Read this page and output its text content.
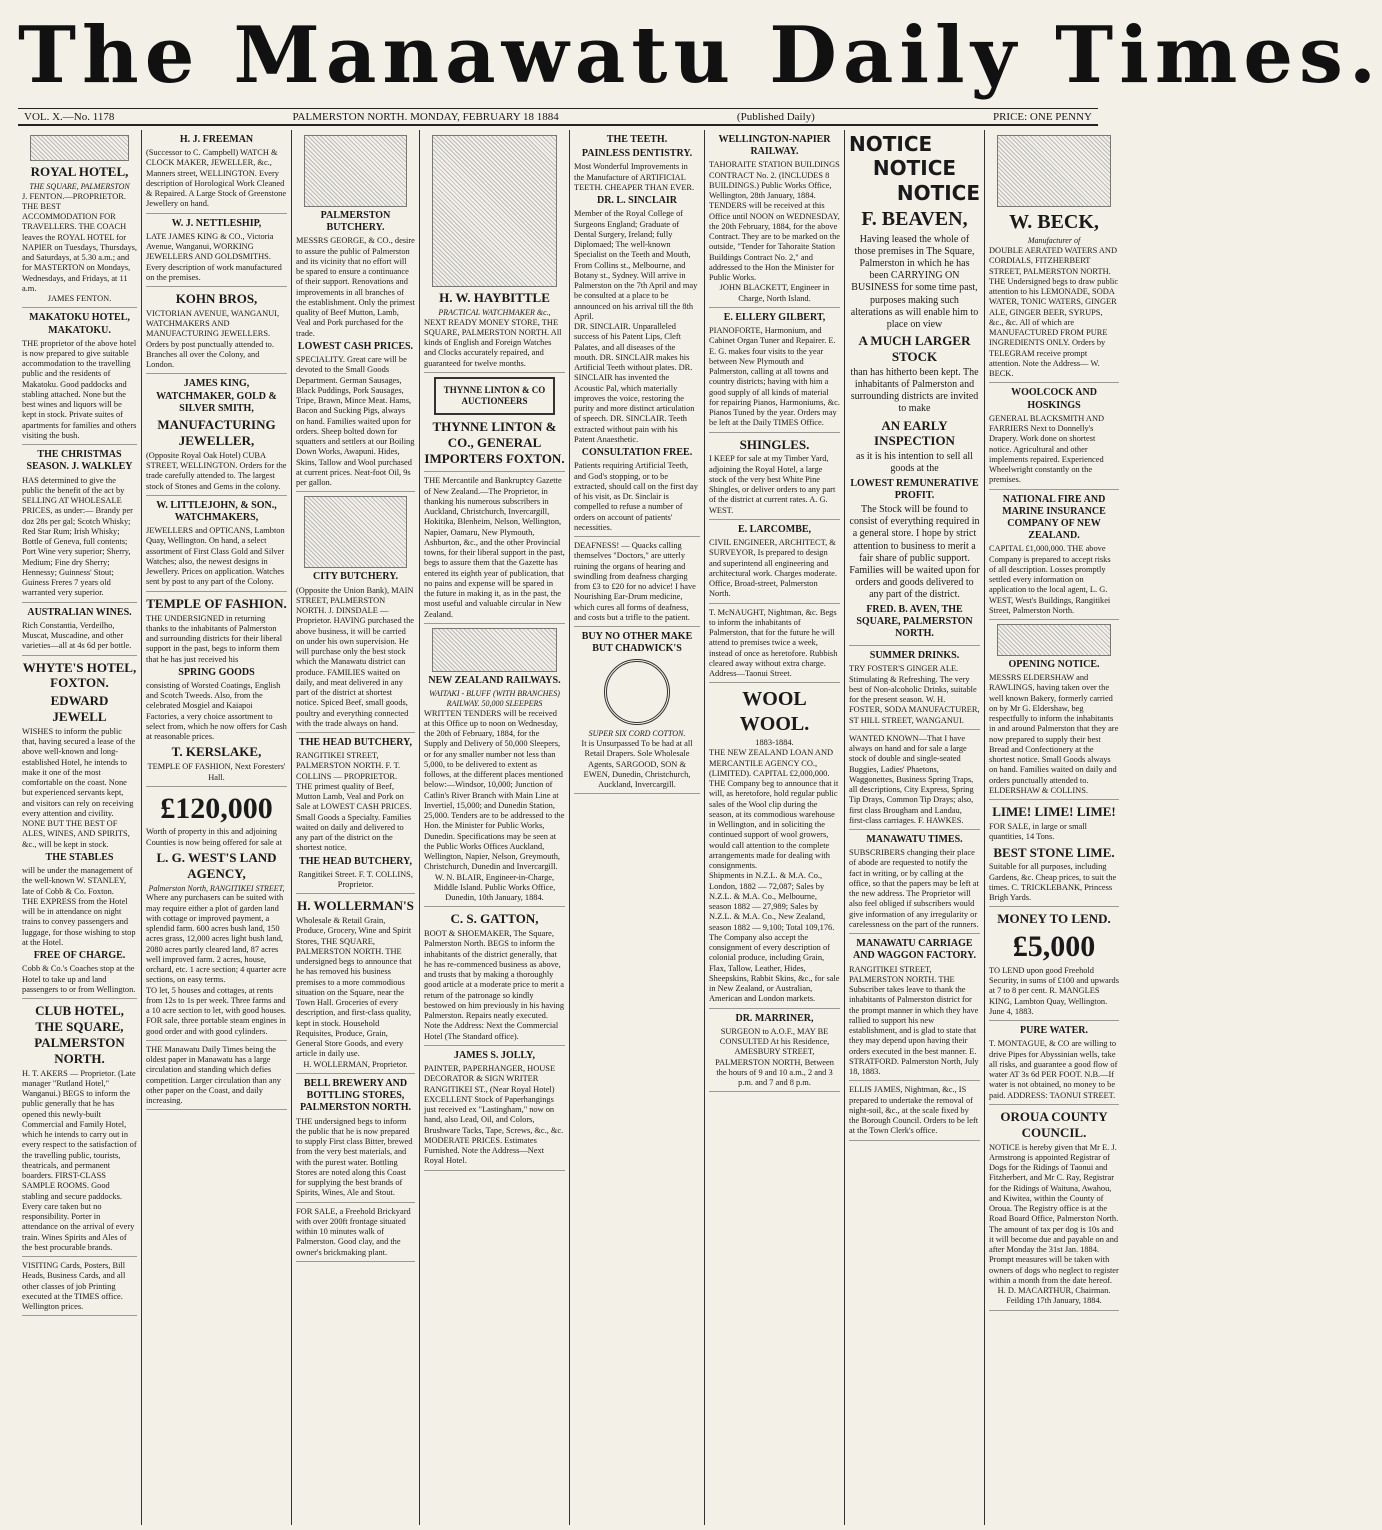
The Manawatu Daily Times.
VOL. X.—No. 1178	PALMERSTON NORTH. MONDAY, FEBRUARY 18 1884	(Published Daily)	PRICE: ONE PENNY
ROYAL HOTEL,
THE SQUARE, PALMERSTON

J. FENTON.—PROPRIETOR. THE BEST ACCOMMODATION FOR TRAVELLERS. THE COACH leaves the ROYAL HOTEL for NAPIER on Tuesdays, Thursdays, and Saturdays, at 5.30 a.m.; and for MASTERTON on Mondays, Wednesdays, and Fridays, at 11 a.m.

JAMES FENTON.
MAKATOKU HOTEL, MAKATOKU.

THE proprietor of the above hotel is now prepared to give suitable accommodation to the travelling public and the residents of Makatoku. Good paddocks and stabling attached. None but the best wines and liquors will be kept in stock. Private suites of apartments for families and others visiting the bush.

THE CHRISTMAS SEASON. J. WALKLEY

HAS determined to give the public the benefit of the act by SELLING AT WHOLESALE PRICES, as under:— Brandy per doz 28s per gal; Scotch Whisky; Red Star Rum; Irish Whisky; Bottle of Geneva, full contents; Port Wine very superior; Sherry, Medium; Fine dry Sherry; Hennessy; Guinness' Stout; Guiness Freres 7 years old warranted very superior.

AUSTRALIAN WINES.

Rich Constantia, Verdeilho, Muscat, Muscadine, and other varieties—all at 4s 6d per bottle.

WHYTE'S HOTEL, FOXTON.
EDWARD JEWELL

WISHES to inform the public that, having secured a lease of the above well-known and long-established Hotel, he intends to make it one of the most comfortable on the coast. None but experienced servants kept, and visitors can rely on receiving every attention and civility.

NONE BUT THE BEST OF ALES, WINES, AND SPIRITS, &c., will be kept in stock.

THE STABLES

will be under the management of the well-known W. STANLEY, late of Cobb & Co. Foxton.

THE EXPRESS from the Hotel will be in attendance on night trains to convey passengers and luggage, for those wishing to stop at the Hotel.

FREE OF CHARGE.

Cobb & Co.'s Coaches stop at the Hotel to take up and land passengers to or from Wellington.

CLUB HOTEL, THE SQUARE, PALMERSTON NORTH.

H. T. AKERS — Proprietor. (Late manager "Rutland Hotel," Wanganui.) BEGS to inform the public generally that he has opened this newly-built Commercial and Family Hotel, which he intends to carry out in every respect to the satisfaction of the travelling public, tourists, theatricals, and permanent boarders. FIRST-CLASS SAMPLE ROOMS. Good stabling and secure paddocks. Every care taken but no responsibility. Porter in attendance on the arrival of every train. Wines Spirits and Ales of the best procurable brands.

VISITING Cards, Posters, Bill Heads, Business Cards, and all other classes of job Printing executed at the TIMES office. Wellington prices.

H. J. FREEMAN

(Successor to C. Campbell) WATCH & CLOCK MAKER, JEWELLER, &c., Manners street, WELLINGTON. Every description of Horological Work Cleaned & Repaired. A Large Stock of Greenstone Jewellery on hand.

W. J. NETTLESHIP,

LATE JAMES KING & CO., Victoria Avenue, Wanganui, WORKING JEWELLERS AND GOLDSMITHS. Every description of work manufactured on the premises.

KOHN BROS,

VICTORIAN AVENUE, WANGANUI, WATCHMAKERS AND MANUFACTURING JEWELLERS. Orders by post punctually attended to. Branches all over the Colony, and London.

JAMES KING, WATCHMAKER, GOLD & SILVER SMITH,
MANUFACTURING JEWELLER,

(Opposite Royal Oak Hotel) CUBA STREET, WELLINGTON. Orders for the trade carefully attended to. The largest stock of Stones and Gems in the colony.

W. LITTLEJOHN, & SON., WATCHMAKERS,

JEWELLERS and OPTICANS, Lambton Quay, Wellington. On hand, a select assortment of First Class Gold and Silver Watches; also, the newest designs in Jewellery. Prices on application. Watches sent by post to any part of the Colony.

TEMPLE OF FASHION.

THE UNDERSIGNED in returning thanks to the inhabitants of Palmerston and surrounding districts for their liberal support in the past, begs to inform them that he has just received his

SPRING GOODS

consisting of Worsted Coatings, English and Scotch Tweeds. Also, from the celebrated Mosgiel and Kaiapoi Factories, a very choice assortment to select from, which he now offers for Cash at reasonable prices.

T. KERSLAKE,
TEMPLE OF FASHION, Next Foresters' Hall.
£120,000

Worth of property in this and adjoining Counties is now being offered for sale at

L. G. WEST'S LAND AGENCY,
Palmerston North, RANGITIKEI STREET,

Where any purchasers can be suited with may require either a plot of garden land with cottage or improved payment, a splendid farm. 600 acres bush land, 150 acres grass, 12,000 acres light bush land, 2080 acres partly cleared land, 87 acres well improved farm. 2 acres, house, orchard, etc. 1 acre section; 4 quarter acre sections, on easy terms.

TO let, 5 houses and cottages, at rents from 12s to 1s per week. Three farms and a 10 acre section to let, with good houses.

FOR sale, three portable steam engines in good order and with good cylinders.

THE Manawatu Daily Times being the oldest paper in Manawatu has a large circulation and standing which defies competition. Larger circulation than any other paper on the Coast, and daily increasing.

PALMERSTON BUTCHERY.

MESSRS GEORGE, & CO., desire to assure the public of Palmerston and its vicinity that no effort will be spared to ensure a continuance of their support. Renovations and improvements in all branches of the establishment. Only the primest quality of Beef Mutton, Lamb, Veal and Pork purchased for the trade.

LOWEST CASH PRICES.

SPECIALITY. Great care will be devoted to the Small Goods Department. German Sausages, Black Puddings, Pork Sausages, Tripe, Brawn, Mince Meat. Hams, Bacon and Sucking Pigs, always on hand. Families waited upon for orders. Sheep bolted down for squatters and settlers at our Boiling Down Works, Awapuni. Hides, Skins, Tallow and Wool purchased at current prices. Neat-foot Oil, 9s per gallon.

CITY BUTCHERY.

(Opposite the Union Bank), MAIN STREET, PALMERSTON NORTH. J. DINSDALE — Proprietor. HAVING purchased the above business, it will be carried on under his own supervision. He will purchase only the best stock which the Manawatu district can produce. FAMILIES waited on daily, and meat delivered in any part of the district at shortest notice. Spiced Beef, small goods, poultry and everything connected with the trade always on hand.

THE HEAD BUTCHERY,

RANGITIKEI STREET, PALMERSTON NORTH. F. T. COLLINS — PROPRIETOR. THE primest quality of Beef, Mutton Lamb, Veal and Pork on Sale at LOWEST CASH PRICES. Small Goods a Specialty. Families waited on daily and delivered to any part of the district on the shortest notice.

THE HEAD BUTCHERY,

Rangitikei Street. F. T. COLLINS, Proprietor.

H. WOLLERMAN'S

Wholesale & Retail Grain, Produce, Grocery, Wine and Spirit Stores, THE SQUARE, PALMERSTON NORTH. THE undersigned begs to announce that he has removed his business premises to a more commodious situation on the Square, near the Town Hall. Groceries of every description, and first-class quality, kept in stock. Household Requisites, Produce, Grain, General Store Goods, and every article in daily use.

H. WOLLERMAN, Proprietor.
BELL BREWERY AND BOTTLING STORES, PALMERSTON NORTH.

THE undersigned begs to inform the public that he is now prepared to supply First class Bitter, brewed from the very best materials, and with the purest water. Bottling Stores are noted along this Coast for supplying the best brands of Spirits, Wines, Ale and Stout.

FOR SALE, a Freehold Brickyard with over 200ft frontage situated within 10 minutes walk of Palmerston. Good clay, and the owner's brickmaking plant.

H. W. HAYBITTLE
PRACTICAL WATCHMAKER &c.,

NEXT READY MONEY STORE, THE SQUARE, PALMERSTON NORTH. All kinds of English and Foreign Watches and Clocks accurately repaired, and guaranteed for twelve months.

THYNNE LINTON & CO AUCTIONEERS
THYNNE LINTON & CO., GENERAL IMPORTERS FOXTON.

THE Mercantile and Bankruptcy Gazette of New Zealand.—The Proprietor, in thanking his numerous subscribers in Auckland, Christchurch, Invercargill, Hokitika, Blenheim, Nelson, Wellington, Napier, Oamaru, New Plymouth, Ashburton, &c., and the other Provincial towns, for their liberal support in the past, begs to assure them that the Gazette has entered its eighth year of publication, that no pains and expense will be spared in the future in making it, as in the past, the most useful and valuable circular in New Zealand.

NEW ZEALAND RAILWAYS.
WAITAKI - BLUFF (WITH BRANCHES) RAILWAY. 50,000 SLEEPERS

WRITTEN TENDERS will be received at this Office up to noon on Wednesday, the 20th of February, 1884, for the Supply and Delivery of 50,000 Sleepers, or for any smaller number not less than 5,000, to be delivered to extent as follows, at the different places mentioned below:—Windsor, 10,000; Junction of Catlin's River Branch with Main Line at Invertiel, 15,000; and Dunedin Station, 25,000. Tenders are to be addressed to the Hon. the Minister for Public Works, Dunedin. Specifications may be seen at the Public Works Offices Auckland, Wellington, Napier, Nelson, Greymouth, Christchurch, Dunedin and Invercargill.

W. N. BLAIR, Engineer-in-Charge, Middle Island. Public Works Office, Dunedin, 10th January, 1884.
C. S. GATTON,

BOOT & SHOEMAKER, The Square, Palmerston North. BEGS to inform the inhabitants of the district generally, that he has re-commenced business as above, and trusts that by making a thoroughly good article at a moderate price to merit a return of the patronage so kindly bestowed on him previously in his having Palmerston. Repairs neatly executed. Note the Address: Next the Commercial Hotel (The Standard office).

JAMES S. JOLLY,

PAINTER, PAPERHANGER, HOUSE DECORATOR & SIGN WRITER RANGITIKEI ST., (Near Royal Hotel) EXCELLENT Stock of Paperhangings just received ex "Lastingham," now on hand, also Lead, Oil, and Colors, Brushware Tacks, Tape, Screws, &c., &c. MODERATE PRICES. Estimates Furnished. Note the Address—Next Royal Hotel.

THE TEETH.
PAINLESS DENTISTRY.

Most Wonderful Improvements in the Manufacture of ARTIFICIAL TEETH. CHEAPER THAN EVER.

DR. L. SINCLAIR

Member of the Royal College of Surgeons England; Graduate of Dental Surgery, Ireland; fully Diplomaed; The well-known Specialist on the Teeth and Mouth, From Collins st., Melbourne, and Botany st., Sydney. Will arrive in Palmerston on the 7th April and may be consulted at a place to be announced on his arrival till the 8th April.

DR. SINCLAIR. Unparalleled success of his Patent Lips, Cleft Palates, and all diseases of the mouth. DR. SINCLAIR makes his Artificial Teeth without plates. DR. SINCLAIR has invented the Acoustic Pal, which materially improves the voice, restoring the purity and more distinct articulation of speech. DR. SINCLAIR. Teeth extracted without pain with his Patent Anaesthetic.

CONSULTATION FREE.

Patients requiring Artificial Teeth, and God's stopping, or to be extracted, should call on the first day of his visit, as Dr. Sinclair is compelled to refuse a number of orders on account of patients' necessities.

DEAFNESS! — Quacks calling themselves "Doctors," are utterly ruining the organs of hearing and swindling from deafness charging from £3 to £20 for no advice! I have Nourishing Ear-Drum medicine, which cures all forms of deafness, and costs but a trifle to the patient.

BUY NO OTHER MAKE BUT CHADWICK'S
SUPER SIX CORD COTTON.

It is Unsurpassed To be had at all Retail Drapers. Sole Wholesale Agents, SARGOOD, SON & EWEN, Dunedin, Christchurch, Auckland, Invercargill.

WELLINGTON-NAPIER RAILWAY.

TAHORAITE STATION BUILDINGS CONTRACT No. 2. (INCLUDES 8 BUILDINGS.) Public Works Office, Wellington, 28th January, 1884. TENDERS will be received at this Office until NOON on WEDNESDAY, the 20th February, 1884, for the above Contract. They are to be marked on the outside, "Tender for Tahoraite Station Buildings Contract No. 2," and addressed to the Hon the Minister for Public Works.

JOHN BLACKETT, Engineer in Charge, North Island.
E. ELLERY GILBERT,

PIANOFORTE, Harmonium, and Cabinet Organ Tuner and Repairer. E. E. G. makes four visits to the year between New Plymouth and Palmerston, calling at all towns and country districts; having with him a good supply of all kinds of material for repairing Pianos, Harmoniums, &c. Pianos Tuned by the year. Orders may be left at the Daily TIMES Office.

SHINGLES.

I KEEP for sale at my Timber Yard, adjoining the Royal Hotel, a large stock of the very best White Pine Shingles, or deliver orders to any part of the district at current rates. A. G. WEST.

E. LARCOMBE,

CIVIL ENGINEER, ARCHITECT, & SURVEYOR, Is prepared to design and superintend all engineering and architectural work. Charges moderate. Office, Broad-street, Palmerston North.

T. McNAUGHT, Nightman, &c. Begs to inform the inhabitants of Palmerston, that for the future he will attend to premises twice a week, instead of once as heretofore. Rubbish cleared away without extra charge. Address—Taonui Street.

WOOL WOOL.
1883-1884.

THE NEW ZEALAND LOAN AND MERCANTILE AGENCY CO., (LIMITED). CAPITAL £2,000,000. THE Company beg to announce that it will, as heretofore, hold regular public sales of the Wool clip during the season, at its commodious warehouse in Wellington, and in soliciting the continued support of wool growers, would call attention to the complete arrangements made for dealing with consignments.

Shipments in N.Z.L. & M.A. Co., London, 1882 — 72,087; Sales by N.Z.L. & M.A. Co., Melbourne, season 1882 — 27,989; Sales by N.Z.L. & M.A. Co., New Zealand, season 1882 — 9,100; Total 109,176.

The Company also accept the consignment of every description of colonial produce, including Grain, Flax, Tallow, Leather, Hides, Sheepskins, Rabbit Skins, &c., for sale in New Zealand, or Australian, American and London markets.

DR. MARRINER,

SURGEON to A.O.F., MAY BE CONSULTED At his Residence, AMESBURY STREET, PALMERSTON NORTH, Between the hours of 9 and 10 a.m., 2 and 3 p.m. and 7 and 8 p.m.

NOTICE
NOTICE
NOTICE
F. BEAVEN,

Having leased the whole of those premises in The Square, Palmerston in which he has been CARRYING ON BUSINESS for some time past, purposes making such alterations as will enable him to place on view

A MUCH LARGER STOCK

than has hitherto been kept. The inhabitants of Palmerston and surrounding districts are invited to make

AN EARLY INSPECTION

as it is his intention to sell all goods at the

LOWEST REMUNERATIVE PROFIT.

The Stock will be found to consist of everything required in a general store. I hope by strict attention to business to merit a fair share of public support. Families will be waited upon for orders and goods delivered to any part of the district.

FRED. B. AVEN, THE SQUARE, PALMERSTON NORTH.
SUMMER DRINKS.

TRY FOSTER'S GINGER ALE. Stimulating & Refreshing. The very best of Non-alcoholic Drinks, suitable for the present season. W. H. FOSTER, SODA MANUFACTURER, ST HILL STREET, WANGANUI.

WANTED KNOWN—That I have always on hand and for sale a large stock of double and single-seated Buggies, Ladies' Phaetons, Waggonettes, Business Spring Traps, all descriptions, City Express, Spring Tip Drays, Common Tip Drays; also, first class Brougham and Landau, first-class carriages. F. HAWKES.

MANAWATU TIMES.

SUBSCRIBERS changing their place of abode are requested to notify the fact in writing, or by calling at the office, so that the papers may be left at the new address. The Proprietor will also feel obliged if subscribers would give information of any irregularity or carelessness on the part of the runners.

MANAWATU CARRIAGE AND WAGGON FACTORY.

RANGITIKEI STREET, PALMERSTON NORTH. THE Subscriber takes leave to thank the inhabitants of Palmerston district for the prompt manner in which they have rallied to support his new establishment, and is glad to state that they may depend upon having their orders executed in the best manner. E. STRATFORD. Palmerston North, July 18, 1883.

ELLIS JAMES, Nightman, &c., IS prepared to undertake the removal of night-soil, &c., at the scale fixed by the Borough Council. Orders to be left at the Town Clerk's office.

W. BECK,
Manufacturer of

DOUBLE AERATED WATERS AND CORDIALS, FITZHERBERT STREET, PALMERSTON NORTH. THE Undersigned begs to draw public attention to his LEMONADE, SODA WATER, TONIC WATERS, GINGER ALE, GINGER BEER, SYRUPS, &c., &c. All of which are MANUFACTURED FROM PURE INGREDIENTS ONLY. Orders by TELEGRAM receive prompt attention. Note the Address— W. BECK.

WOOLCOCK AND HOSKINGS

GENERAL BLACKSMITH AND FARRIERS Next to Donnelly's Drapery. Work done on shortest notice. Agricultural and other implements repaired. Experienced Wheelwright constantly on the premises.

NATIONAL FIRE AND MARINE INSURANCE COMPANY OF NEW ZEALAND.

CAPITAL £1,000,000. THE above Company is prepared to accept risks of all description. Losses promptly settled every information on application to the local agent, L. G. WEST, West's Buildings, Rangitikei Street, Palmerston North.

OPENING NOTICE.

MESSRS ELDERSHAW and RAWLINGS, having taken over the well known Bakery, formerly carried on by Mr G. Eldershaw, beg respectfully to inform the inhabitants in and around Palmerston that they are now prepared to supply their best Bread and Confectionery at the shortest notice. Small Goods always on hand. Families waited on daily and orders punctually attended to. ELDERSHAW & COLLINS.

LIME! LIME! LIME!

FOR SALE, in large or small quantities, 14 Tons.

BEST STONE LIME.

Suitable for all purposes, including Gardens, &c. Cheap prices, to suit the times. C. TRICKLEBANK, Princess Brigh Yards.

MONEY TO LEND.
£5,000

TO LEND upon good Freehold Security, in sums of £100 and upwards at 7 to 8 per cent. R. MANGLES KING, Lambton Quay, Wellington. June 4, 1883.

PURE WATER.

T. MONTAGUE, & CO are willing to drive Pipes for Abyssinian wells, take all risks, and guarantee a good flow of water AT 3s 6d PER FOOT. N.B.—If water is not obtained, no money to be paid. ADDRESS: TAONUI STREET.

OROUA COUNTY COUNCIL.

NOTICE is hereby given that Mr E. J. Armstrong is appointed Registrar of Dogs for the Ridings of Taonui and Fitzherbert, and Mr C. Ray, Registrar for the Ridings of Waituna, Awahou, and Kiwitea, within the County of Oroua. The Registry office is at the Road Board Office, Palmerston North. The amount of tax per dog is 10s and it will become due and payable on and after Monday the 31st Jan. 1884. Prompt measures will be taken with owners of dogs who neglect to register within a month from the date hereof.

H. D. MACARTHUR, Chairman. Feilding 17th January, 1884.
